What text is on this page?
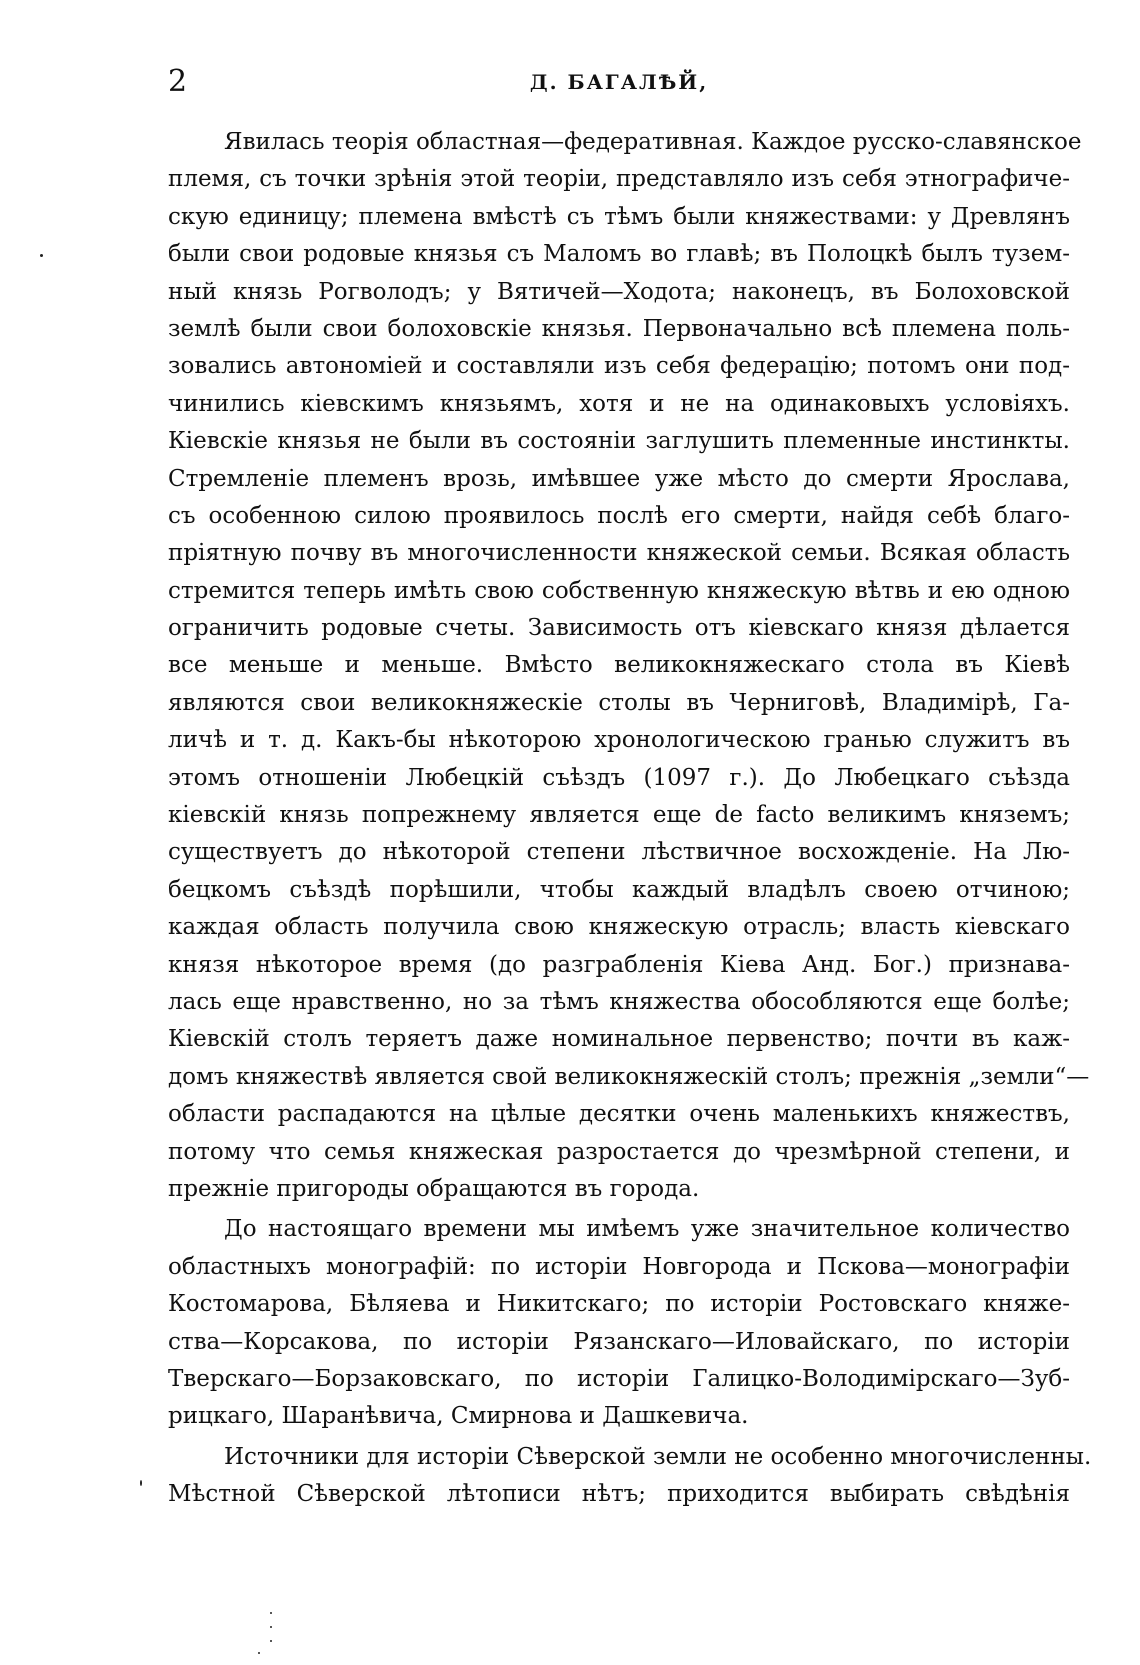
2	Д. БАГАЛѢЙ,
Явилась теорія областная—федеративная. Каждое русско-славянское
племя, съ точки зрѣнія этой теоріи, представляло изъ себя этнографиче-
скую единицу; племена вмѣстѣ съ тѣмъ были княжествами: у Древлянъ
были свои родовые князья съ Маломъ во главѣ; въ Полоцкѣ былъ тузем-
ный князь Рогволодъ; у Вятичей—Ходота; наконецъ, въ Болоховской
землѣ были свои болоховскіе князья. Первоначально всѣ племена поль-
зовались автономіей и составляли изъ себя федерацію; потомъ они под-
чинились кіевскимъ князьямъ, хотя и не на одинаковыхъ условіяхъ.
Кіевскіе князья не были въ состояніи заглушить племенные инстинкты.
Стремленіе племенъ врозь, имѣвшее уже мѣсто до смерти Ярослава,
съ особенною силою проявилось послѣ его смерти, найдя себѣ благо-
пріятную почву въ многочисленности княжеской семьи. Всякая область
стремится теперь имѣть свою собственную княжескую вѣтвь и ею одною
ограничить родовые счеты. Зависимость отъ кіевскаго князя дѣлается
все меньше и меньше. Вмѣсто великокняжескаго стола въ Кіевѣ
являются свои великокняжескіе столы въ Черниговѣ, Владимірѣ, Га-
личѣ и т. д. Какъ-бы нѣкоторою хронологическою гранью служитъ въ
этомъ отношеніи Любецкій съѣздъ (1097 г.). До Любецкаго съѣзда
кіевскій князь попрежнему является еще de facto великимъ княземъ;
существуетъ до нѣкоторой степени лѣствичное восхожденіе. На Лю-
бецкомъ съѣздѣ порѣшили, чтобы каждый владѣлъ своею отчиною;
каждая область получила свою княжескую отрасль; власть кіевскаго
князя нѣкоторое время (до разграбленія Кіева Анд. Бог.) признава-
лась еще нравственно, но за тѣмъ княжества обособляются еще болѣе;
Кіевскій столъ теряетъ даже номинальное первенство; почти въ каж-
домъ княжествѣ является свой великокняжескій столъ; прежнія „земли“—
области распадаются на цѣлые десятки очень маленькихъ княжествъ,
потому что семья княжеская разростается до чрезмѣрной степени, и
прежніе пригороды обращаются въ города.
До настоящаго времени мы имѣемъ уже значительное количество
областныхъ монографій: по исторіи Новгорода и Пскова—монографіи
Костомарова, Бѣляева и Никитскаго; по исторіи Ростовскаго княже-
ства—Корсакова, по исторіи Рязанскаго—Иловайскаго, по исторіи
Тверскаго—Борзаковскаго, по исторіи Галицко-Володимірскаго—Зуб-
рицкаго, Шаранѣвича, Смирнова и Дашкевича.
Источники для исторіи Сѣверской земли не особенно многочисленны.
Мѣстной Сѣверской лѣтописи нѣтъ; приходится выбирать свѣдѣнія
